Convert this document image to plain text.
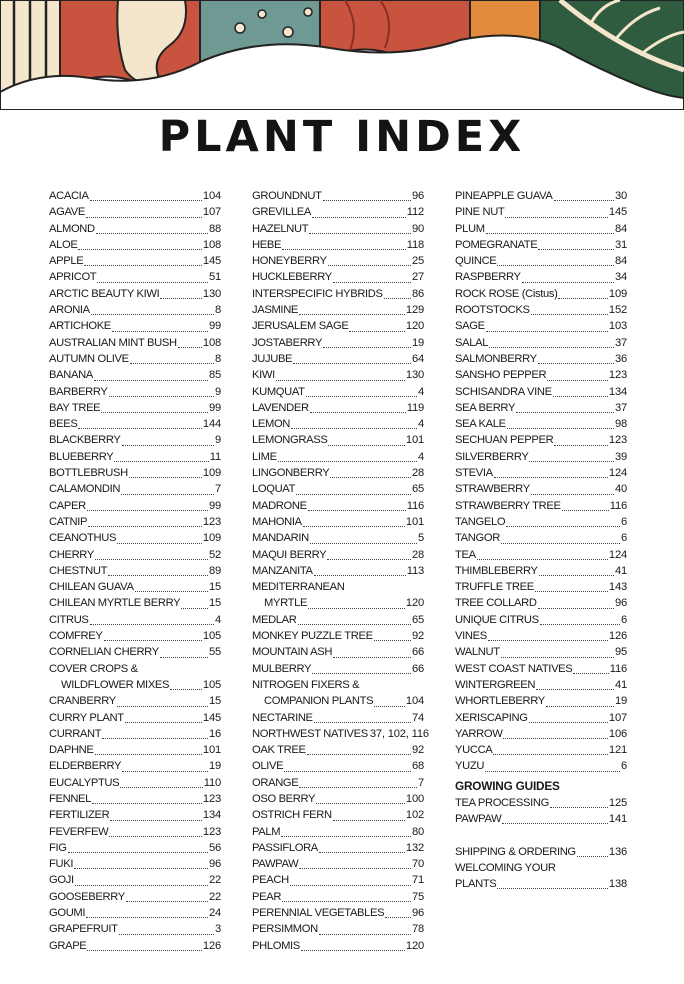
PLANT INDEX
ACACIA	104
AGAVE	107
ALMOND	88
ALOE	108
APPLE	145
APRICOT	51
ARCTIC BEAUTY KIWI	130
ARONIA	8
ARTICHOKE	99
AUSTRALIAN MINT BUSH 108
AUTUMN OLIVE	8
BANANA	85
BARBERRY	9
BAY TREE	99
BEES	144
BLACKBERRY	9
BLUEBERRY	11
BOTTLEBRUSH	109
CALAMONDIN	7
CAPER	99
CATNIP	123
CEANOTHUS	109
CHERRY	52
CHESTNUT	89
CHILEAN GUAVA	15
CHILEAN MYRTLE BERRY	15
CITRUS	4
COMFREY	105
CORNELIAN CHERRY	55
COVER CROPS &
WILDFLOWER MIXES	105
CRANBERRY	15
CURRY PLANT	145
CURRANT	16
DAPHNE	101
ELDERBERRY	19
EUCALYPTUS	110
FENNEL	123
FERTILIZER	134
FEVERFEW	123
FIG	56
FUKI	96
GOJI	22
GOOSEBERRY	22
GOUMI	24
GRAPEFRUIT	3
GRAPE	126
GROUNDNUT	96
GREVILLEA	112
HAZELNUT	90
HEBE	118
HONEYBERRY	25
HUCKLEBERRY	27
INTERSPECIFIC HYBRIDS	86
JASMINE	129
JERUSALEM SAGE	120
JOSTABERRY	19
JUJUBE	64
KIWI	130
KUMQUAT	4
LAVENDER	119
LEMON	4
LEMONGRASS	101
LIME	4
LINGONBERRY	28
LOQUAT	65
MADRONE	116
MAHONIA	101
MANDARIN	5
MAQUI BERRY	28
MANZANITA	113
MEDITERRANEAN
MYRTLE	120
MEDLAR	65
MONKEY PUZZLE TREE	92
MOUNTAIN ASH	66
MULBERRY	66
NITROGEN FIXERS &
COMPANION PLANTS	104
NECTARINE	74
NORTHWEST NATIVES 37, 102, 116
OAK TREE	92
OLIVE	68
ORANGE	7
OSO BERRY	100
OSTRICH FERN	102
PALM	80
PASSIFLORA	132
PAWPAW	70
PEACH	71
PEAR	75
PERENNIAL VEGETABLES 96
PERSIMMON	78
PHLOMIS	120
PINEAPPLE GUAVA	30
PINE NUT	145
PLUM	84
POMEGRANATE	31
QUINCE	84
RASPBERRY	34
ROCK ROSE (Cistus)	109
ROOTSTOCKS	152
SAGE	103
SALAL	37
SALMONBERRY	36
SANSHO PEPPER	123
SCHISANDRA VINE	134
SEA BERRY	37
SEA KALE	98
SECHUAN PEPPER	123
SILVERBERRY	39
STEVIA	124
STRAWBERRY	40
STRAWBERRY TREE	116
TANGELO	6
TANGOR	6
TEA	124
THIMBLEBERRY	41
TRUFFLE TREE	143
TREE COLLARD	96
UNIQUE CITRUS	6
VINES	126
WALNUT	95
WEST COAST NATIVES	116
WINTERGREEN	41
WHORTLEBERRY	19
XERISCAPING	107
YARROW	106
YUCCA	121
YUZU	6
GROWING GUIDES
TEA PROCESSING	125
PAWPAW	141
SHIPPING & ORDERING	136
WELCOMING YOUR
PLANTS	138
